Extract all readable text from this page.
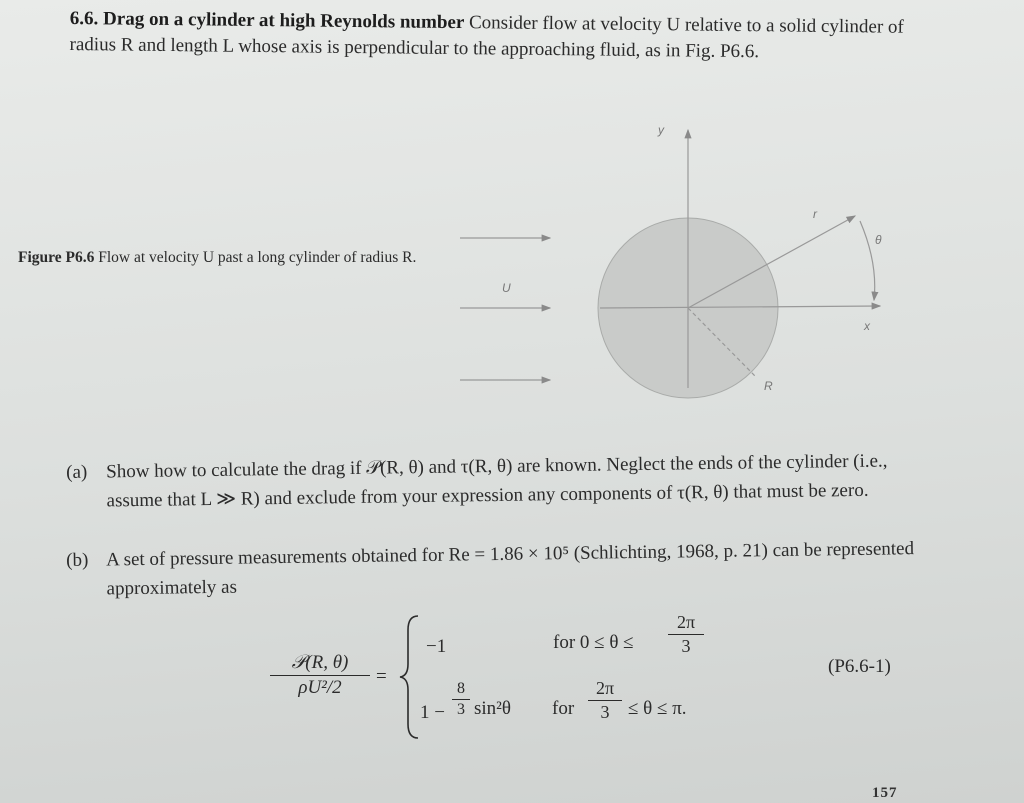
6.6. Drag on a cylinder at high Reynolds number Consider flow at velocity U relative to a solid cylinder of radius R and length L whose axis is perpendicular to the approaching fluid, as in Fig. P6.6.
Figure P6.6 Flow at velocity U past a long cylinder of radius R.
y
x
r
θ
U
R
(a) Show how to calculate the drag if 𝒫(R, θ) and τ(R, θ) are known. Neglect the ends of the cylinder (i.e., assume that L ≫ R) and exclude from your expression any components of τ(R, θ) that must be zero.
(b) A set of pressure measurements obtained for Re = 1.86 × 10⁵ (Schlichting, 1968, p. 21) can be represented approximately as
𝒫(R, θ)
ρU²/2
=
−1	for 0 ≤ θ ≤
2π
3
1 −
8
3 sin²θ for
2π
3 ≤ θ ≤ π.
(P6.6-1)
157
